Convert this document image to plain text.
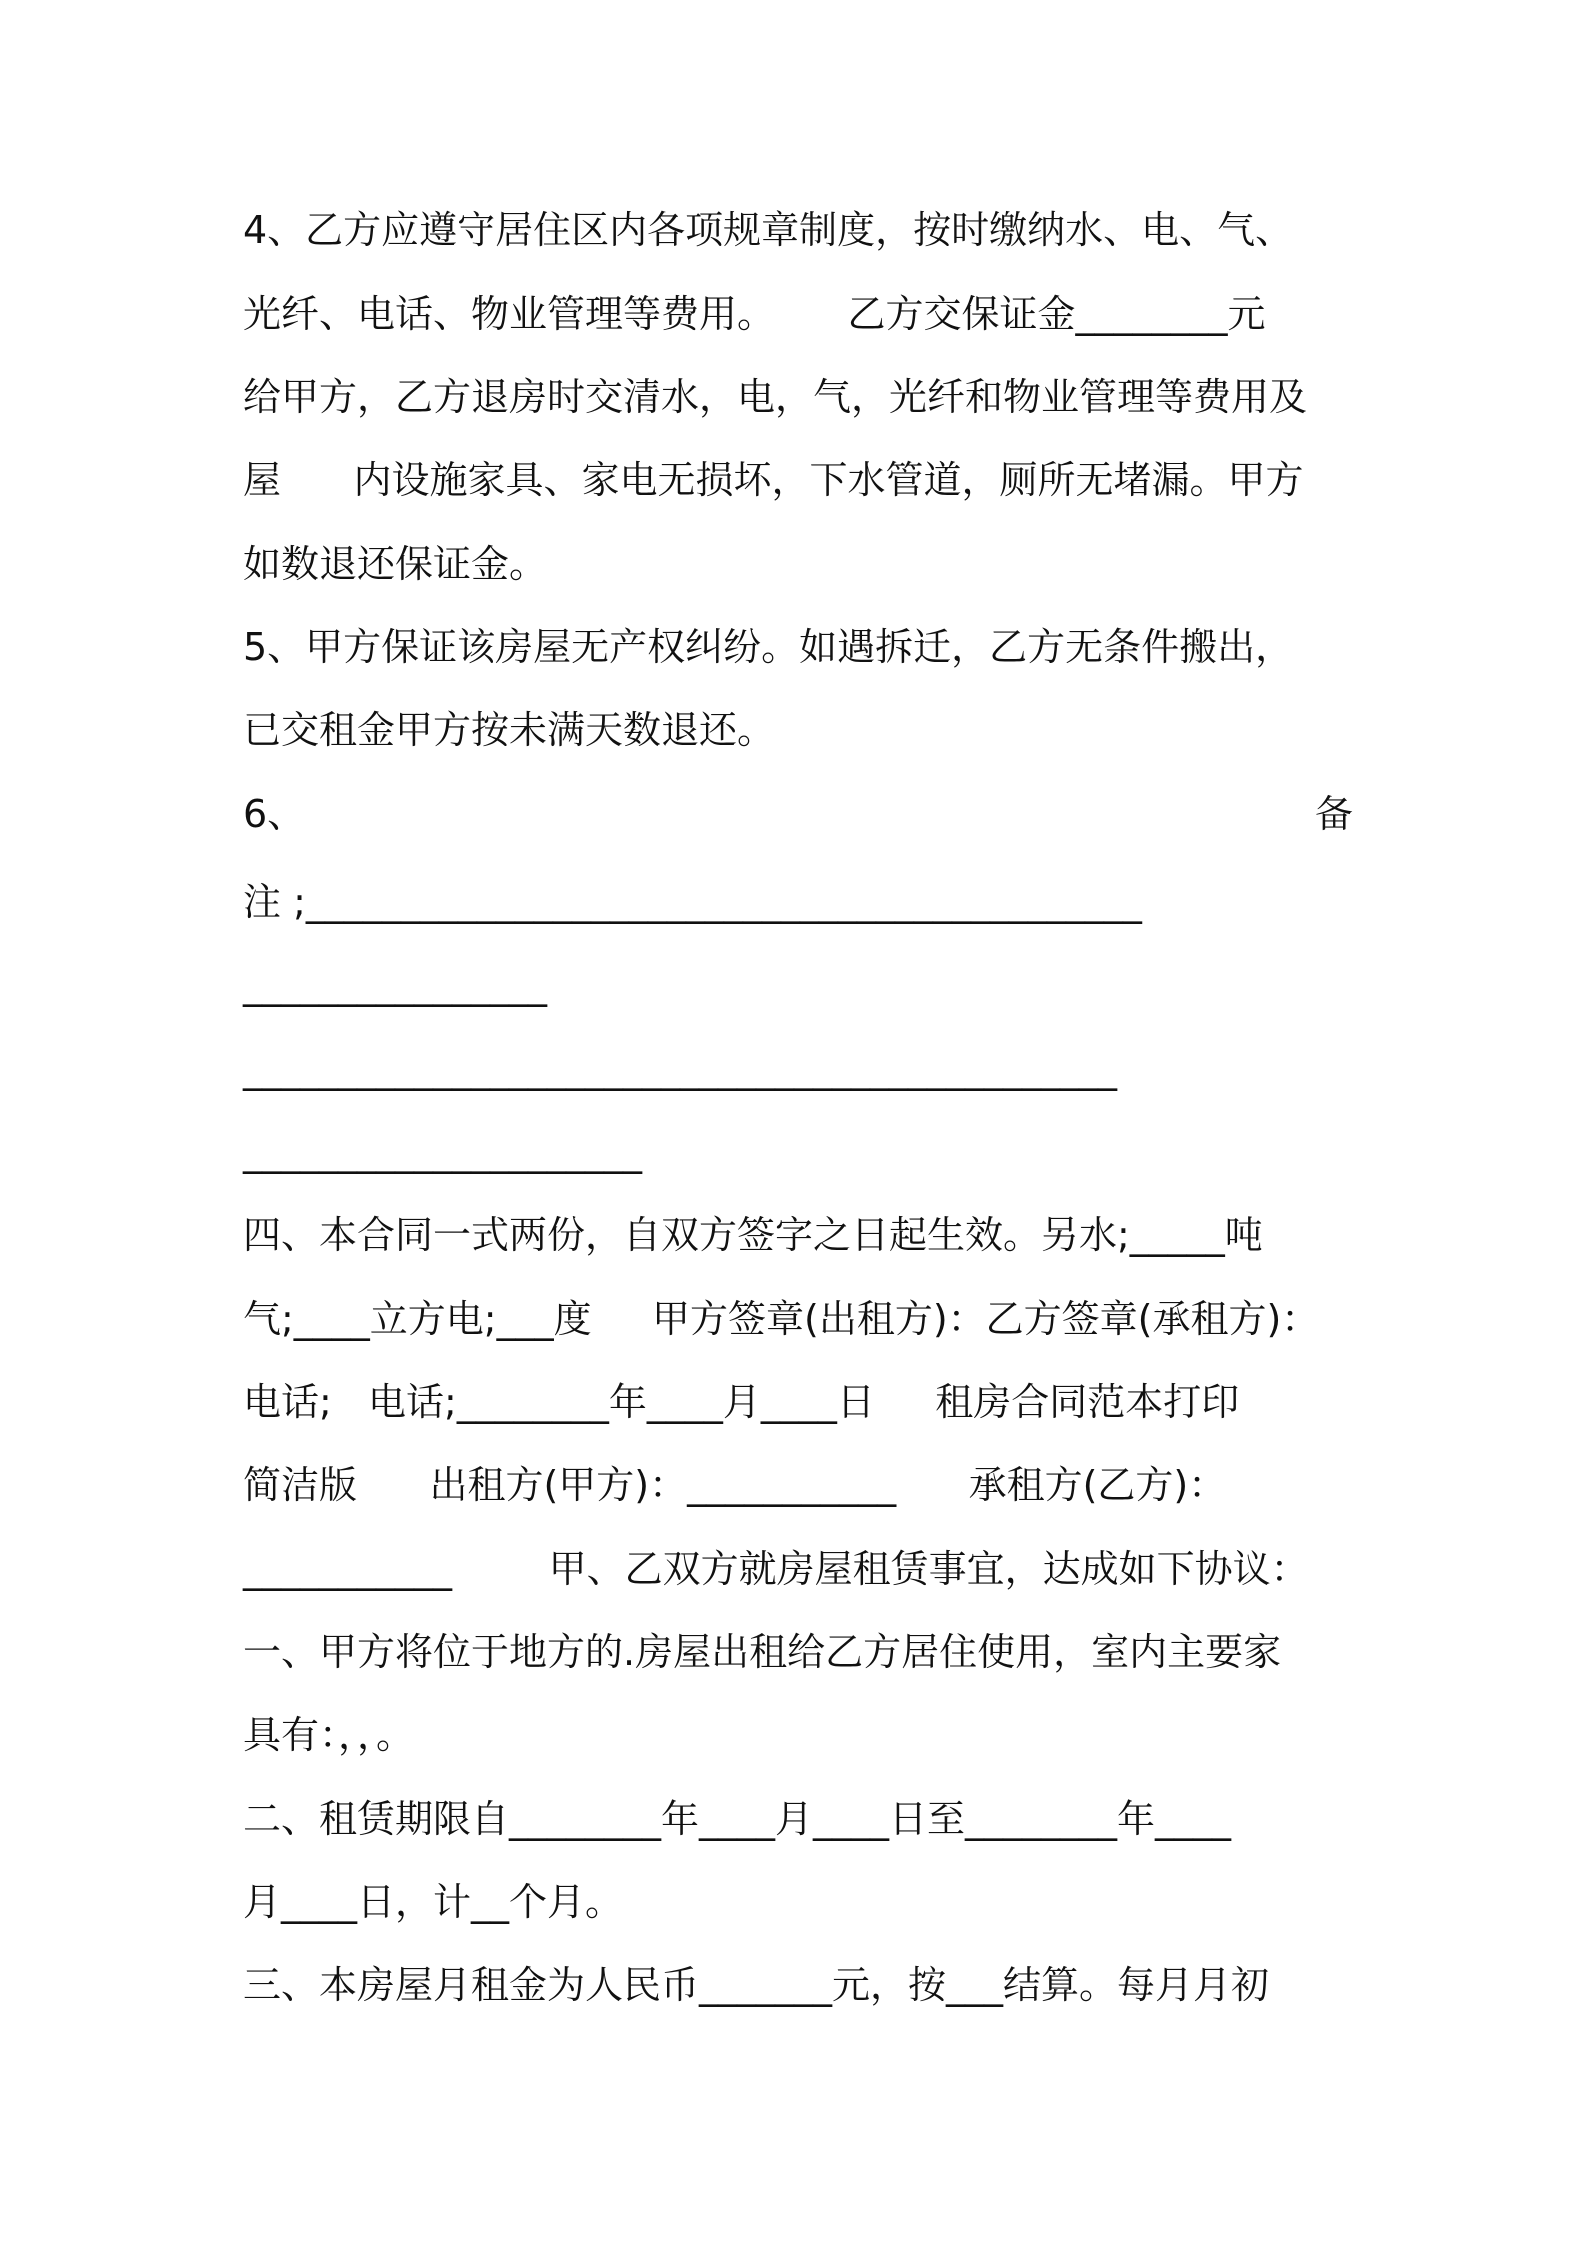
4、乙方应遵守居住区内各项规章制度，按时缴纳水、电、气、
光纤、电话、物业管理等费用。      乙方交保证金________元
给甲方，乙方退房时交清水，电，气，光纤和物业管理等费用及
屋      内设施家具、家电无损坏，下水管道，厕所无堵漏。甲方
如数退还保证金。
5、甲方保证该房屋无产权纠纷。如遇拆迁，乙方无条件搬出，
已交租金甲方按未满天数退还。
6、	备
注 ;____________________________________________
________________
______________________________________________
_____________________
四、本合同一式两份，自双方签字之日起生效。另水;_____吨
气;____立方电;___度     甲方签章(出租方)：乙方签章(承租方)：
电话;   电话;________年____月____日     租房合同范本打印
简洁版      出租方(甲方)：___________      承租方(乙方)：
___________        甲、乙双方就房屋租赁事宜，达成如下协议：
一、甲方将位于地方的.房屋出租给乙方居住使用，室内主要家
具有：，，。
二、租赁期限自________年____月____日至________年____
月____日，计__个月。
三、本房屋月租金为人民币_______元，按___结算。每月月初
